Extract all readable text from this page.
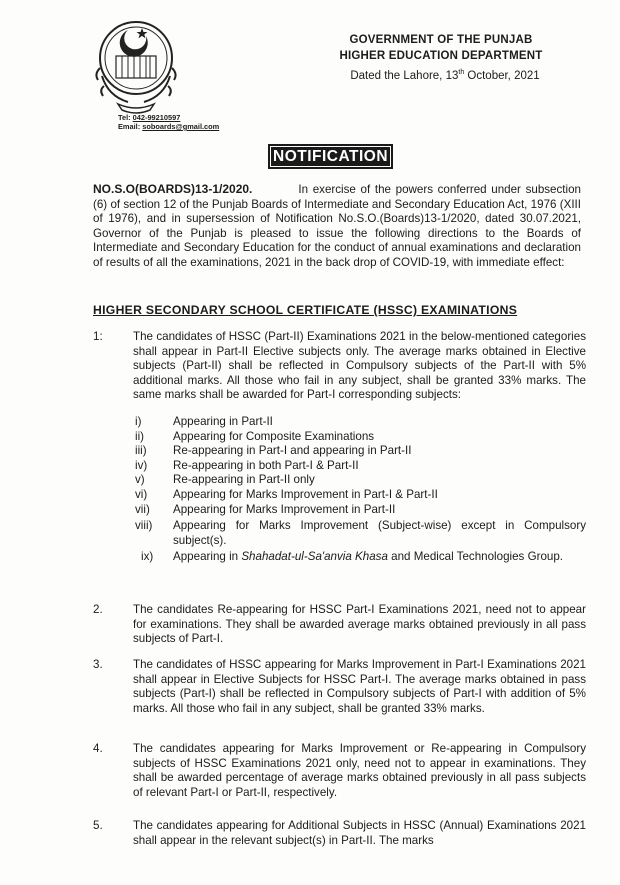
Tel: 042-99210597
Email: soboards@gmail.com
GOVERNMENT OF THE PUNJAB
HIGHER EDUCATION DEPARTMENT
Dated the Lahore, 13th October, 2021
NOTIFICATION
NO.S.O(BOARDS)13-1/2020.	In exercise of the powers conferred under subsection (6) of section 12 of the Punjab Boards of Intermediate and Secondary Education Act, 1976 (XIII of 1976), and in supersession of Notification No.S.O.(Boards)13-1/2020, dated 30.07.2021, Governor of the Punjab is pleased to issue the following directions to the Boards of Intermediate and Secondary Education for the conduct of annual examinations and declaration of results of all the examinations, 2021 in the back drop of COVID-19, with immediate effect:
HIGHER SECONDARY SCHOOL CERTIFICATE (HSSC) EXAMINATIONS
1:	The candidates of HSSC (Part-II) Examinations 2021 in the below-mentioned categories shall appear in Part-II Elective subjects only. The average marks obtained in Elective subjects (Part-II) shall be reflected in Compulsory subjects of the Part-II with 5% additional marks. All those who fail in any subject, shall be granted 33% marks. The same marks shall be awarded for Part-I corresponding subjects:
i)	Appearing in Part-II
ii)	Appearing for Composite Examinations
iii)	Re-appearing in Part-I and appearing in Part-II
iv)	Re-appearing in both Part-I & Part-II
v)	Re-appearing in Part-II only
vi)	Appearing for Marks Improvement in Part-I & Part-II
vii)	Appearing for Marks Improvement in Part-II
viii)	Appearing for Marks Improvement (Subject-wise) except in Compulsory subject(s).
ix)	Appearing in Shahadat-ul-Sa'anvia Khasa and Medical Technologies Group.
2.	The candidates Re-appearing for HSSC Part-I Examinations 2021, need not to appear for examinations. They shall be awarded average marks obtained previously in all pass subjects of Part-I.
3.	The candidates of HSSC appearing for Marks Improvement in Part-I Examinations 2021 shall appear in Elective Subjects for HSSC Part-I. The average marks obtained in pass subjects (Part-I) shall be reflected in Compulsory subjects of Part-I with addition of 5% marks. All those who fail in any subject, shall be granted 33% marks.
4.	The candidates appearing for Marks Improvement or Re-appearing in Compulsory subjects of HSSC Examinations 2021 only, need not to appear in examinations. They shall be awarded percentage of average marks obtained previously in all pass subjects of relevant Part-I or Part-II, respectively.
5.	The candidates appearing for Additional Subjects in HSSC (Annual) Examinations 2021 shall appear in the relevant subject(s) in Part-II. The marks
